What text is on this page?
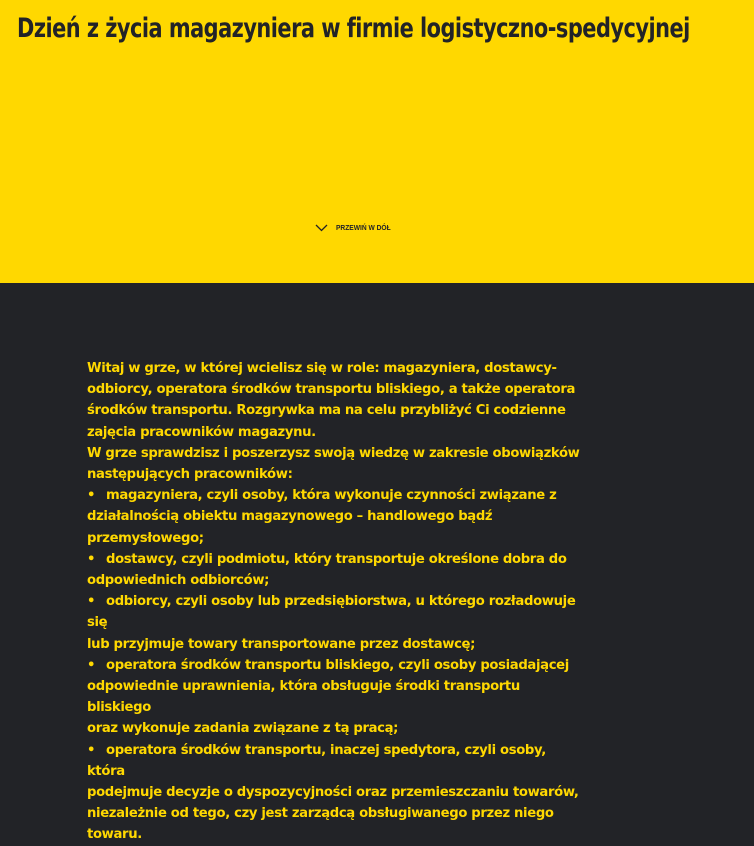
Dzień z życia magazyniera w firmie logistyczno-spedycyjnej
PRZEWIŃ W DÓŁ

Witaj w grze, w której wcielisz się w role: magazyniera, dostawcy-
odbiorcy, operatora środków transportu bliskiego, a także operatora
środków transportu. Rozgrywka ma na celu przybliżyć Ci codzienne
zajęcia pracowników magazynu.
W grze sprawdzisz i poszerzysz swoją wiedzę w zakresie obowiązków
następujących pracowników:

• magazyniera, czyli osoby, która wykonuje czynności związane z
działalnością obiektu magazynowego – handlowego bądź przemysłowego;
• dostawcy, czyli podmiotu, który transportuje określone dobra do
odpowiednich odbiorców;
• odbiorcy, czyli osoby lub przedsiębiorstwa, u którego rozładowuje się
lub przyjmuje towary transportowane przez dostawcę;
• operatora środków transportu bliskiego, czyli osoby posiadającej
odpowiednie uprawnienia, która obsługuje środki transportu bliskiego
oraz wykonuje zadania związane z tą pracą;
• operatora środków transportu, inaczej spedytora, czyli osoby, która
podejmuje decyzje o dyspozycyjności oraz przemieszczaniu towarów,
niezależnie od tego, czy jest zarządcą obsługiwanego przez niego towaru.
